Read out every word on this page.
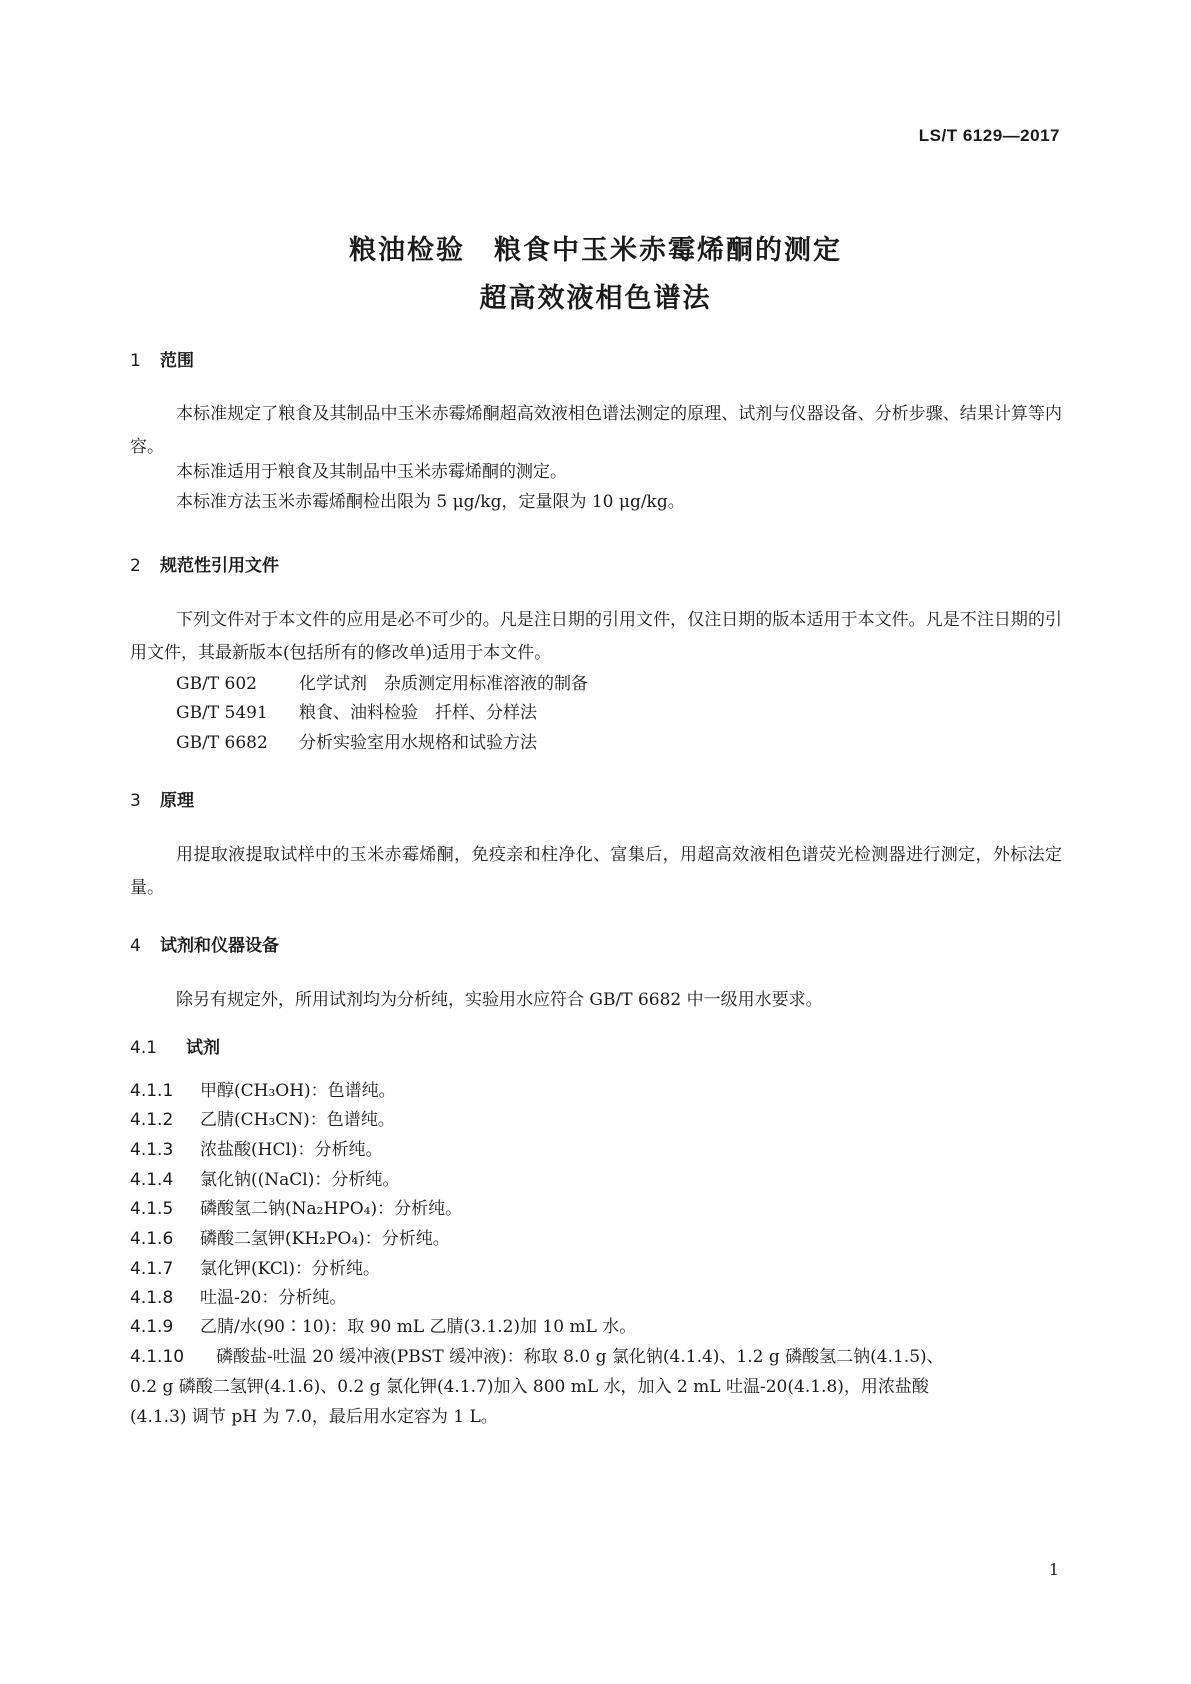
LS/T 6129—2017
粮油检验　粮食中玉米赤霉烯酮的测定
超高效液相色谱法
1 范围
本标准规定了粮食及其制品中玉米赤霉烯酮超高效液相色谱法测定的原理、试剂与仪器设备、分析步骤、结果计算等内容。
本标准适用于粮食及其制品中玉米赤霉烯酮的测定。
本标准方法玉米赤霉烯酮检出限为 5 μg/kg，定量限为 10 μg/kg。
2 规范性引用文件
下列文件对于本文件的应用是必不可少的。凡是注日期的引用文件，仅注日期的版本适用于本文件。凡是不注日期的引用文件，其最新版本(包括所有的修改单)适用于本文件。
GB/T 602 化学试剂　杂质测定用标准溶液的制备
GB/T 5491 粮食、油料检验　扦样、分样法
GB/T 6682 分析实验室用水规格和试验方法
3 原理
用提取液提取试样中的玉米赤霉烯酮，免疫亲和柱净化、富集后，用超高效液相色谱荧光检测器进行测定，外标法定量。
4 试剂和仪器设备
除另有规定外，所用试剂均为分析纯，实验用水应符合 GB/T 6682 中一级用水要求。
4.1 试剂
4.1.1 甲醇(CH₃OH)：色谱纯。
4.1.2 乙腈(CH₃CN)：色谱纯。
4.1.3 浓盐酸(HCl)：分析纯。
4.1.4 氯化钠((NaCl)：分析纯。
4.1.5 磷酸氢二钠(Na₂HPO₄)：分析纯。
4.1.6 磷酸二氢钾(KH₂PO₄)：分析纯。
4.1.7 氯化钾(KCl)：分析纯。
4.1.8 吐温-20：分析纯。
4.1.9 乙腈/水(90∶10)：取 90 mL 乙腈(3.1.2)加 10 mL 水。
4.1.10 磷酸盐-吐温 20 缓冲液(PBST 缓冲液)：称取 8.0 g 氯化钠(4.1.4)、1.2 g 磷酸氢二钠(4.1.5)、
0.2 g 磷酸二氢钾(4.1.6)、0.2 g 氯化钾(4.1.7)加入 800 mL 水，加入 2 mL 吐温-20(4.1.8)，用浓盐酸
(4.1.3) 调节 pH 为 7.0，最后用水定容为 1 L。
1
